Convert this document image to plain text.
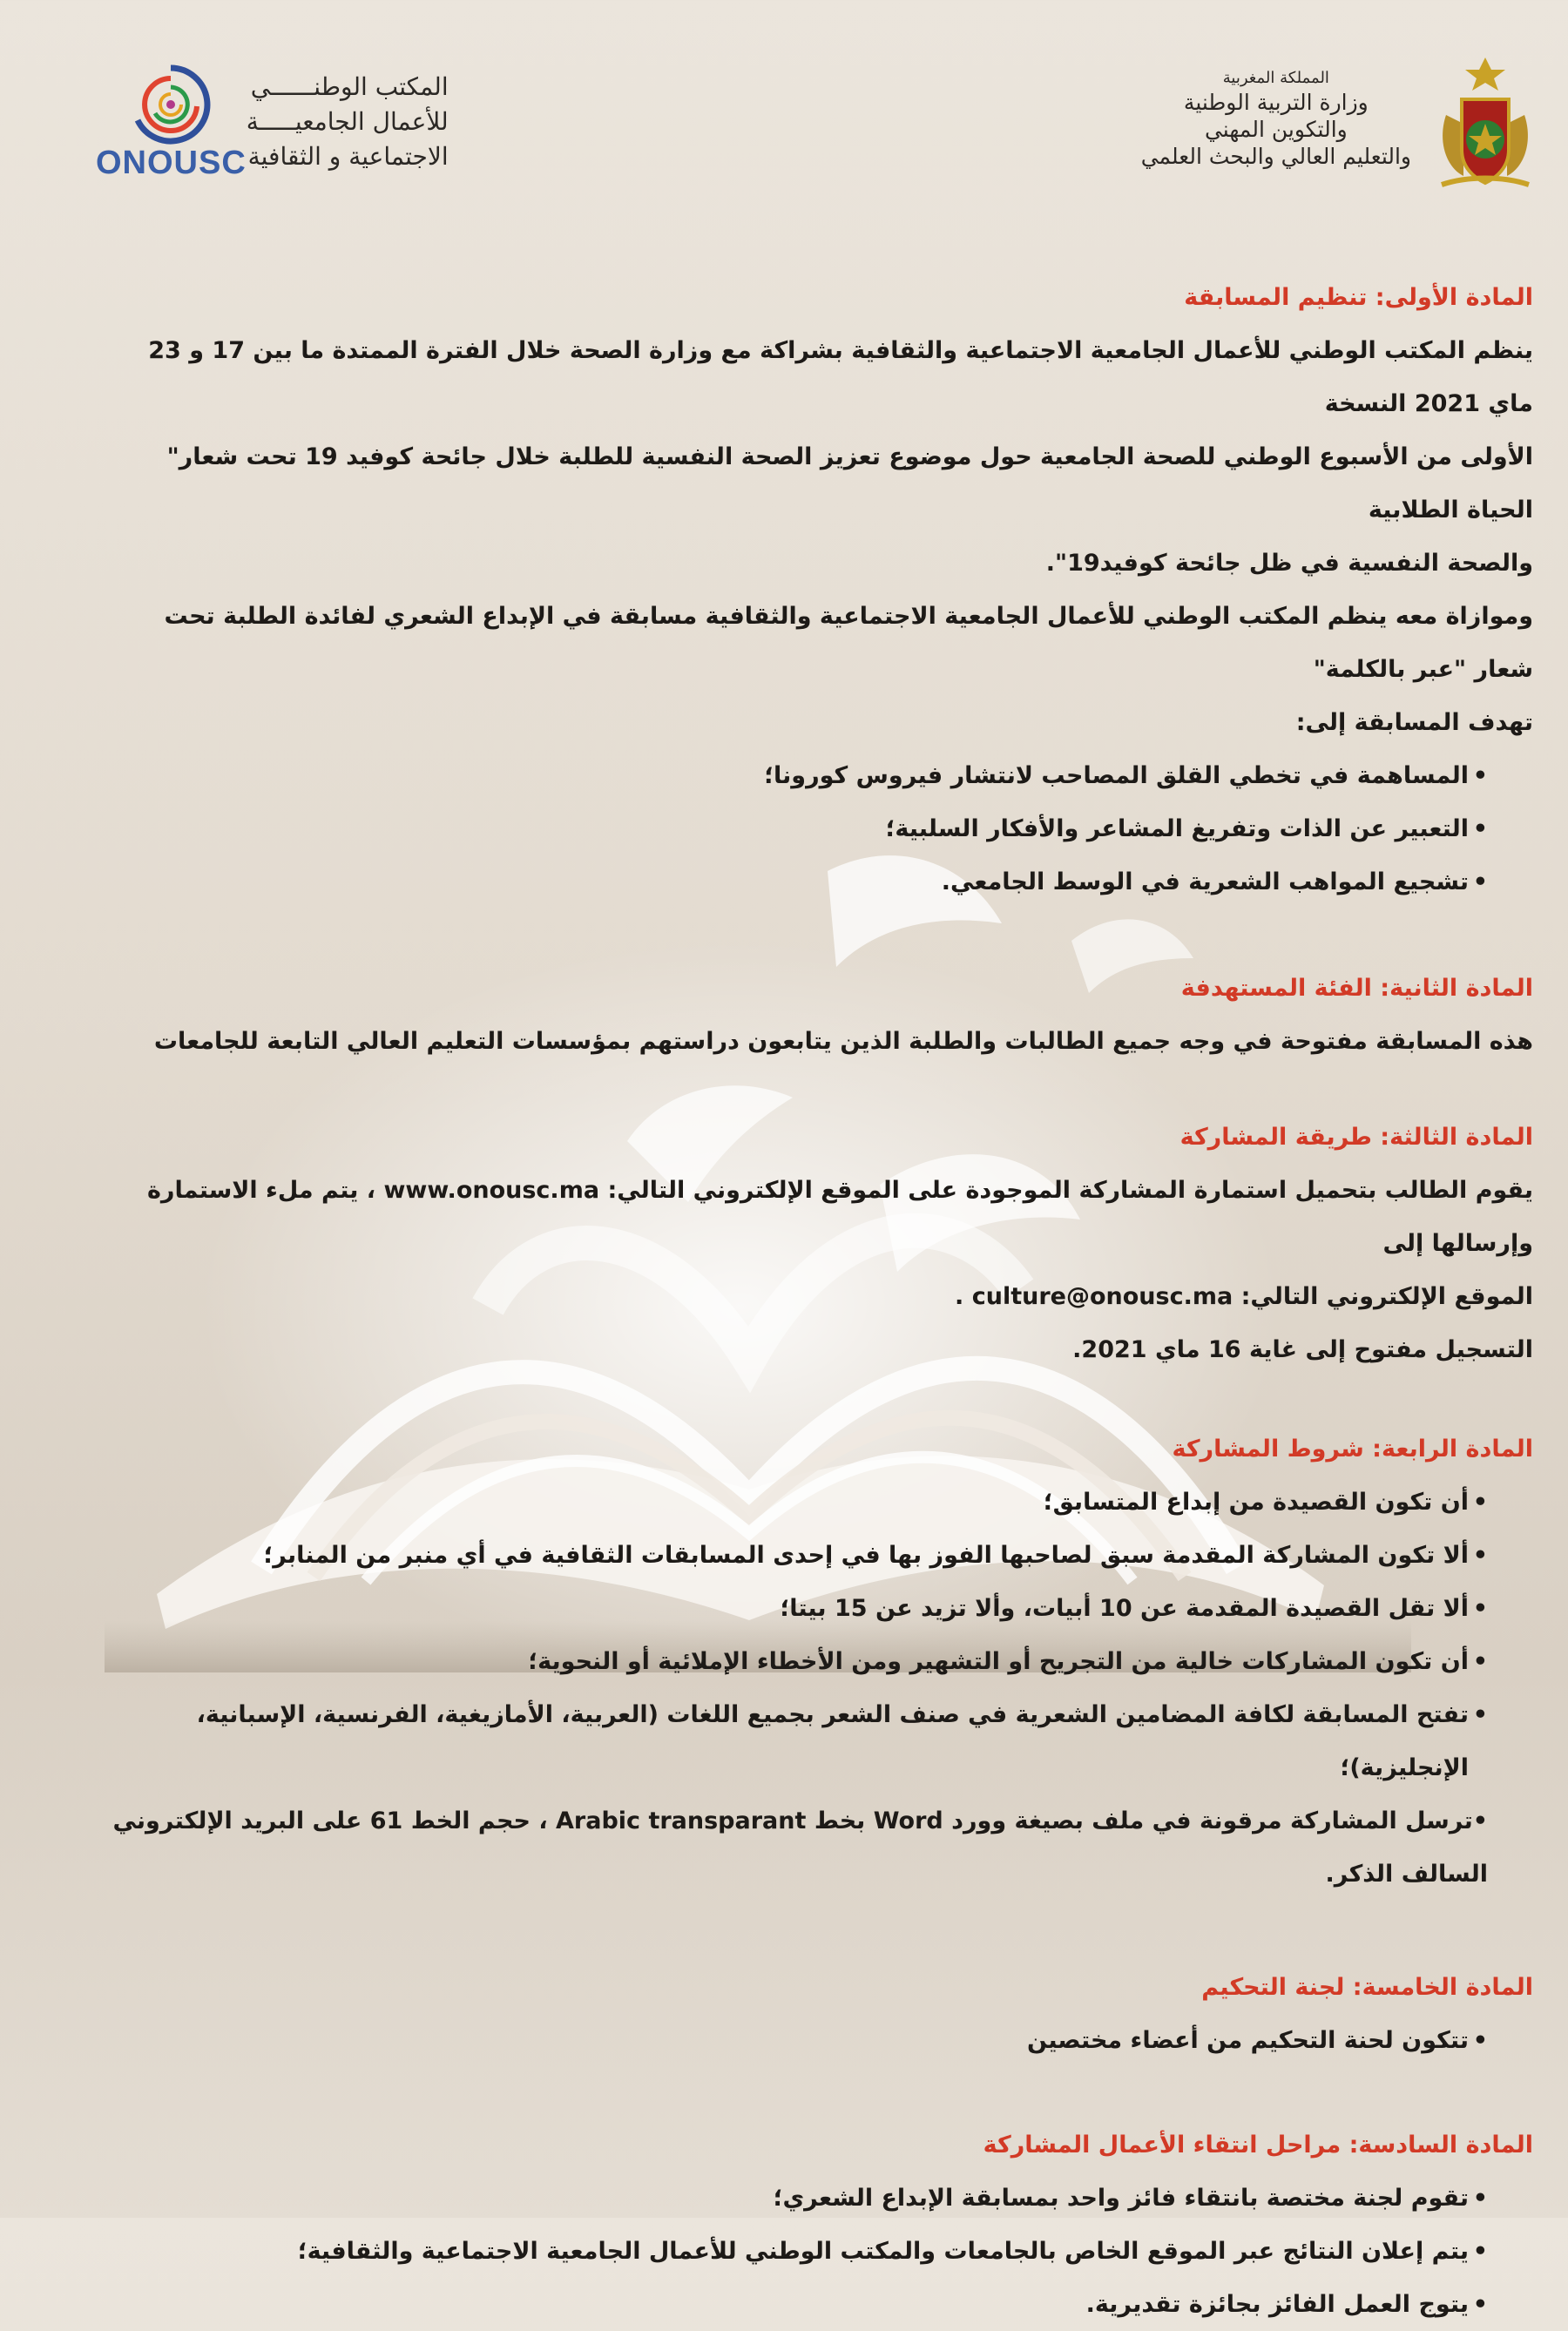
المملكة المغربية
وزارة التربية الوطنية
والتكوين المهني
والتعليم العالي والبحث العلمي
ONOUSC
المكتب الوطنــــــي
للأعمال الجامعيـــــة
الاجتماعية و الثقافية
المادة الأولى: تنظيم المسابقة

ينظم المكتب الوطني للأعمال الجامعية الاجتماعية والثقافية بشراكة مع وزارة الصحة خلال الفترة الممتدة ما بين 17 و 23 ماي 2021 النسخة

الأولى من الأسبوع الوطني للصحة الجامعية حول موضوع تعزيز الصحة النفسية للطلبة خلال جائحة كوفيد 19 تحت شعار" الحياة الطلابية

والصحة النفسية في ظل جائحة كوفيد19".

وموازاة معه ينظم المكتب الوطني للأعمال الجامعية الاجتماعية والثقافية مسابقة في الإبداع الشعري لفائدة الطلبة تحت شعار "عبر بالكلمة"

تهدف المسابقة إلى:

• المساهمة في تخطي القلق المصاحب لانتشار فيروس كورونا؛
• التعبير عن الذات وتفريغ المشاعر والأفكار السلبية؛
• تشجيع المواهب الشعرية في الوسط الجامعي.
المادة الثانية: الفئة المستهدفة

هذه المسابقة مفتوحة في وجه جميع الطالبات والطلبة الذين يتابعون دراستهم بمؤسسات التعليم العالي التابعة للجامعات

المادة الثالثة: طريقة المشاركة

يقوم الطالب بتحميل استمارة المشاركة الموجودة على الموقع الإلكتروني التالي: www.onousc.ma ، يتم ملء الاستمارة وإرسالها إلى

الموقع الإلكتروني التالي: culture@onousc.ma .

التسجيل مفتوح إلى غاية 16 ماي 2021.

المادة الرابعة: شروط المشاركة
• أن تكون القصيدة من إبداع المتسابق؛
• ألا تكون المشاركة المقدمة سبق لصاحبها الفوز بها في إحدى المسابقات الثقافية في أي منبر من المنابر؛
• ألا تقل القصيدة المقدمة عن 10 أبيات، وألا تزيد عن 15 بيتا؛
• أن تكون المشاركات خالية من التجريح أو التشهير ومن الأخطاء الإملائية أو النحوية؛
• تفتح المسابقة لكافة المضامين الشعرية في صنف الشعر بجميع اللغات (العربية، الأمازيغية، الفرنسية، الإسبانية، الإنجليزية)؛

•ترسل المشاركة مرقونة في ملف بصيغة وورد Word بخط Arabic transparant ، حجم الخط 61 على البريد الإلكتروني السالف الذكر.

المادة الخامسة: لجنة التحكيم
• تتكون لحنة التحكيم من أعضاء مختصين
المادة السادسة: مراحل انتقاء الأعمال المشاركة
• تقوم لجنة مختصة بانتقاء فائز واحد بمسابقة الإبداع الشعري؛
• يتم إعلان النتائج عبر الموقع الخاص بالجامعات والمكتب الوطني للأعمال الجامعية الاجتماعية والثقافية؛
• يتوج العمل الفائز بجائزة تقديرية.
